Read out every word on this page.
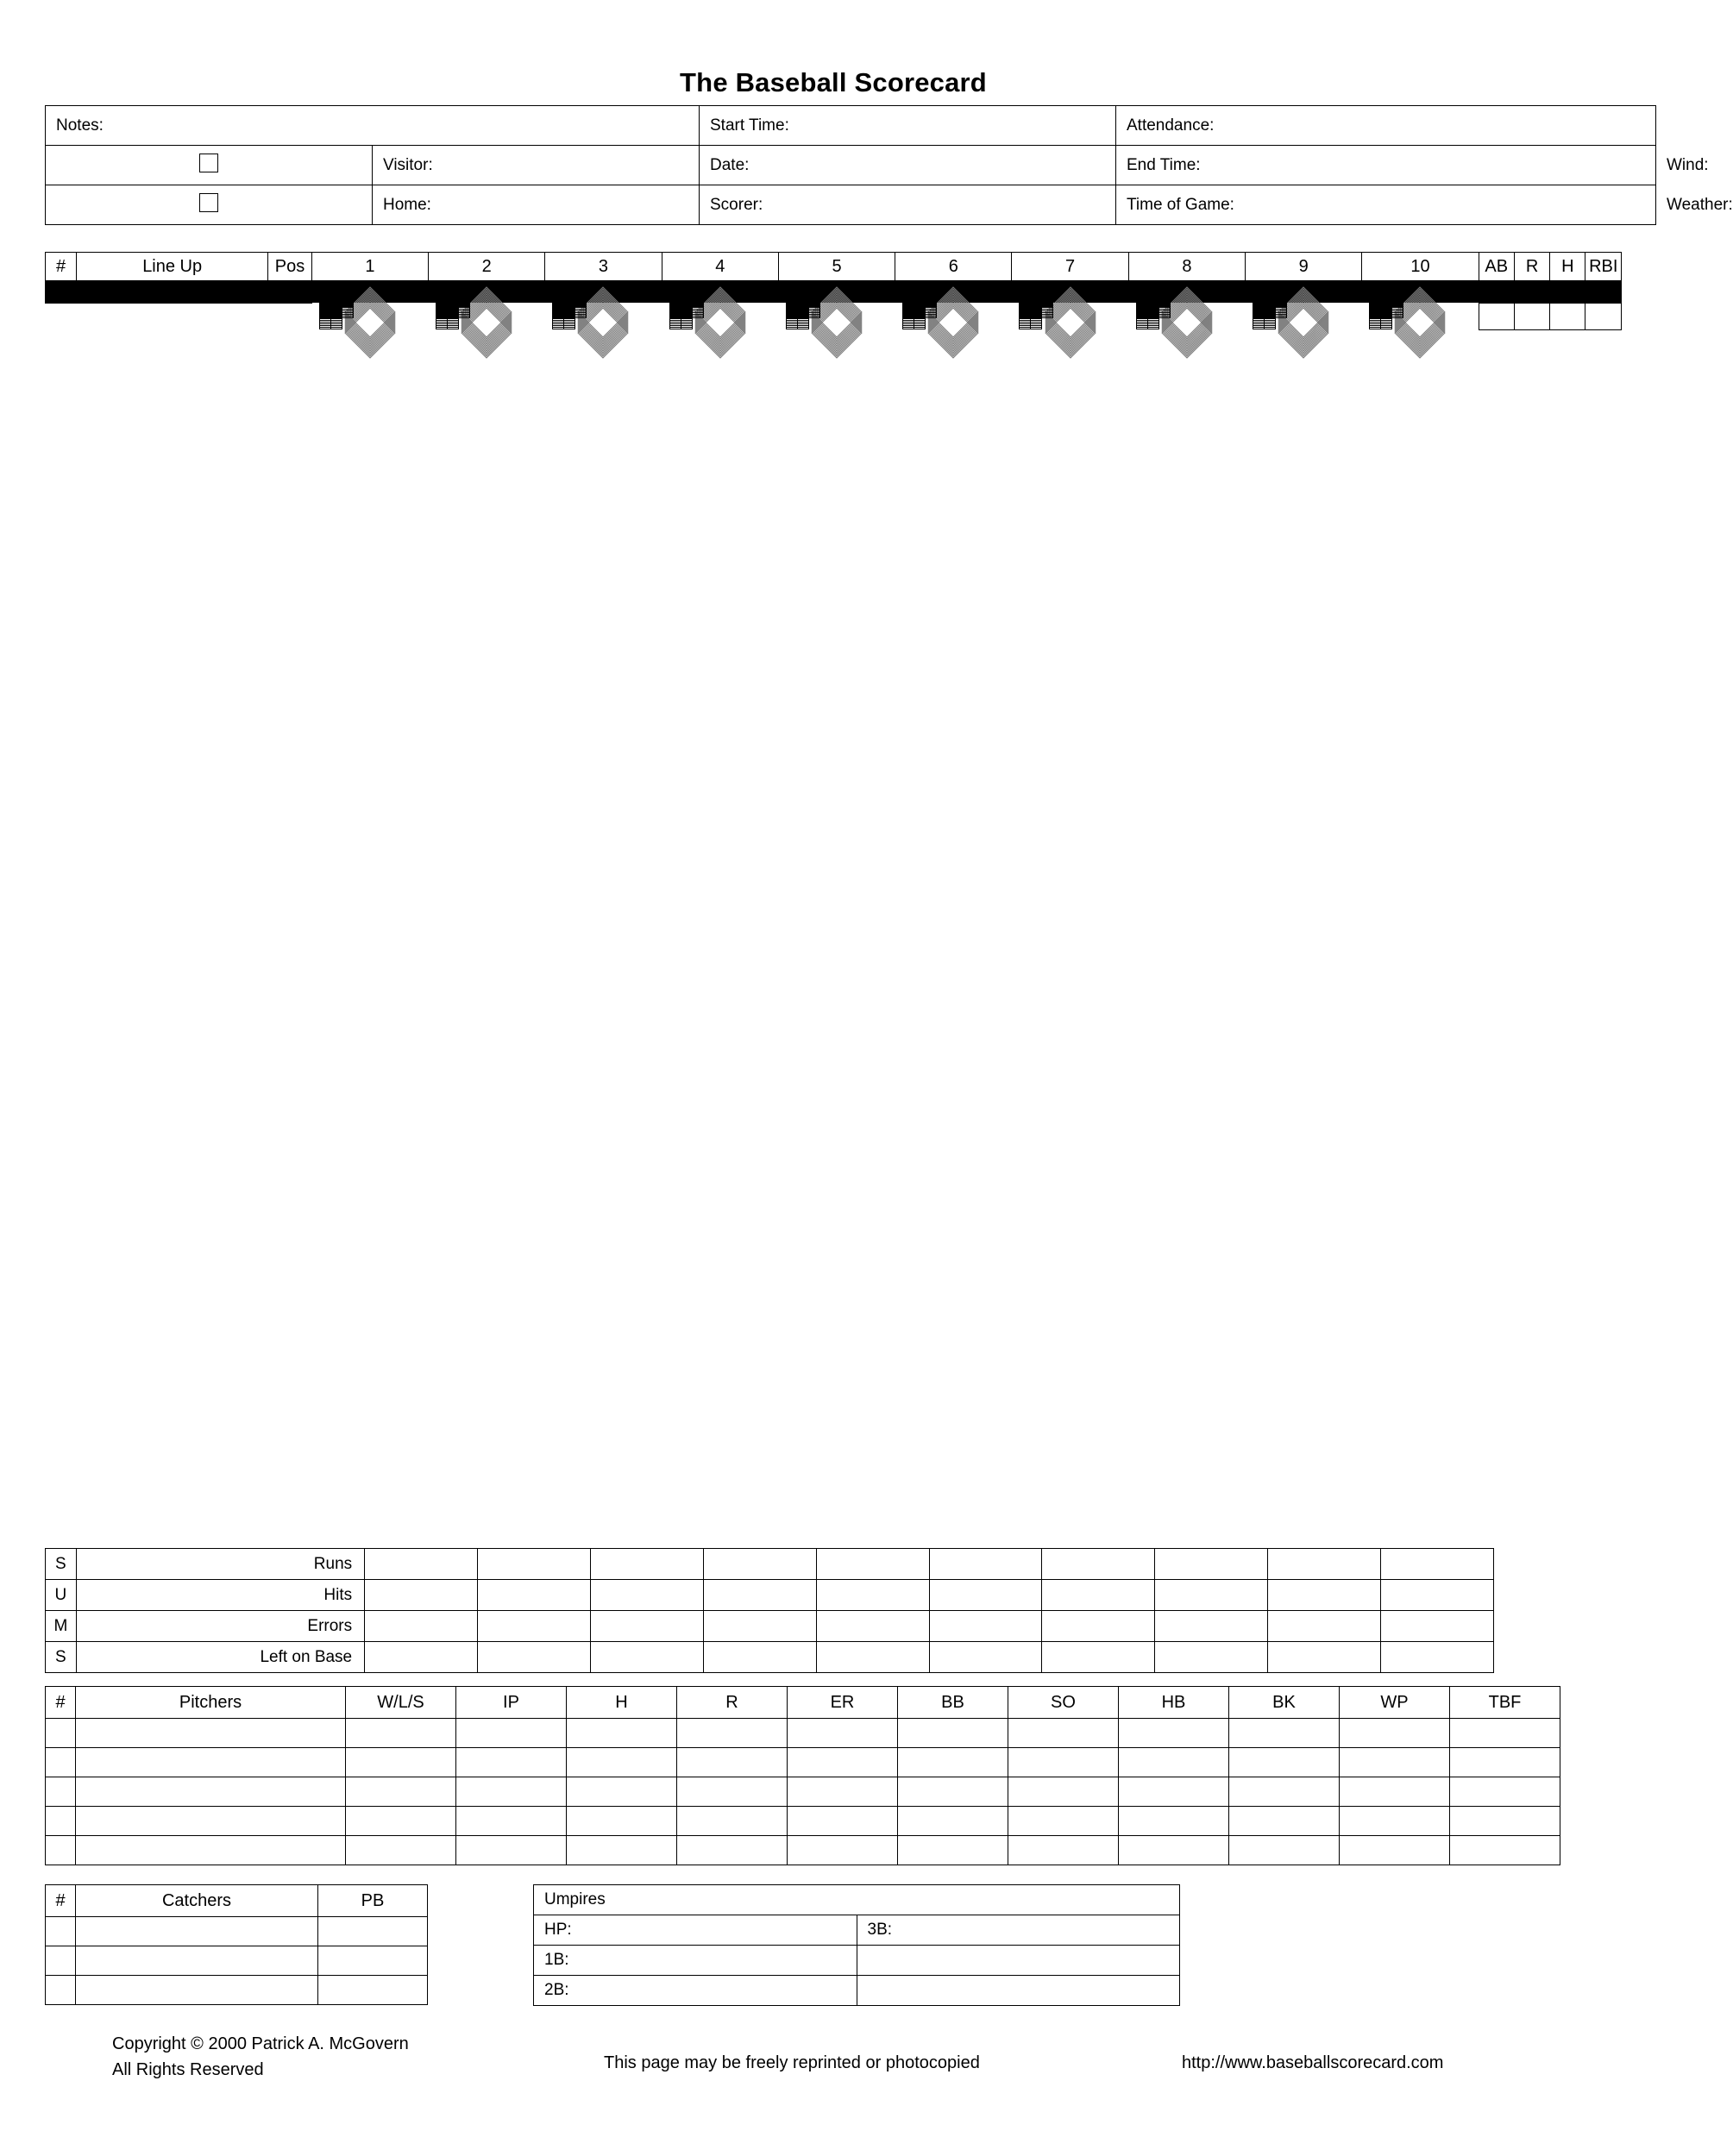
The Baseball Scorecard
Notes:		Start Time:	Attendance:	
	Visitor:	Date:	End Time:	Wind:
	Home:	Scorer:	Time of Game:	Weather:
#	Line Up	Pos	1	2	3	4	5	6	7	8	9	10	AB	R	H	RBI

S	Runs										
U	Hits										
M	Errors										
S	Left on Base										
#	Pitchers	W/L/S	IP	H	R	ER	BB	SO	HB	BK	WP	TBF

#	Catchers	PB

			Umpires	
HP:	3B:
1B:	
2B:	
Copyright © 2000 Patrick A. McGovern
All Rights Reserved	This page may be freely reprinted or photocopied	http://www.baseballscorecard.com
